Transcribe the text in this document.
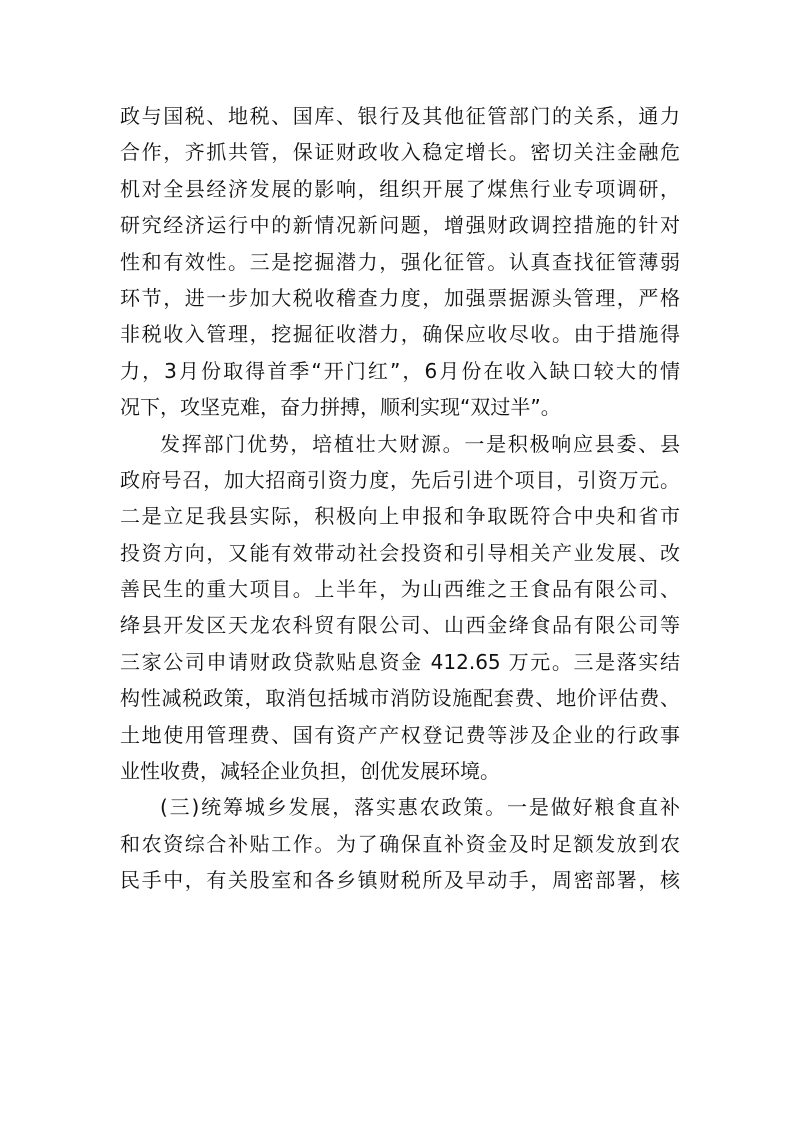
政与国税、地税、国库、银行及其他征管部门的关系，通力
合作，齐抓共管，保证财政收入稳定增长。密切关注金融危
机对全县经济发展的影响，组织开展了煤焦行业专项调研，
研究经济运行中的新情况新问题，增强财政调控措施的针对
性和有效性。三是挖掘潜力，强化征管。认真查找征管薄弱
环节，进一步加大税收稽查力度，加强票据源头管理，严格
非税收入管理，挖掘征收潜力，确保应收尽收。由于措施得
力，3月份取得首季“开门红”，6月份在收入缺口较大的情
况下，攻坚克难，奋力拼搏，顺利实现“双过半”。
发挥部门优势，培植壮大财源。一是积极响应县委、县
政府号召，加大招商引资力度，先后引进个项目，引资万元。
二是立足我县实际，积极向上申报和争取既符合中央和省市
投资方向，又能有效带动社会投资和引导相关产业发展、改
善民生的重大项目。上半年，为山西维之王食品有限公司、
绛县开发区天龙农科贸有限公司、山西金绛食品有限公司等
三家公司申请财政贷款贴息资金 412.65 万元。三是落实结
构性减税政策，取消包括城市消防设施配套费、地价评估费、
土地使用管理费、国有资产产权登记费等涉及企业的行政事
业性收费，减轻企业负担，创优发展环境。
(三)统筹城乡发展，落实惠农政策。一是做好粮食直补
和农资综合补贴工作。为了确保直补资金及时足额发放到农
民手中，有关股室和各乡镇财税所及早动手，周密部署，核
